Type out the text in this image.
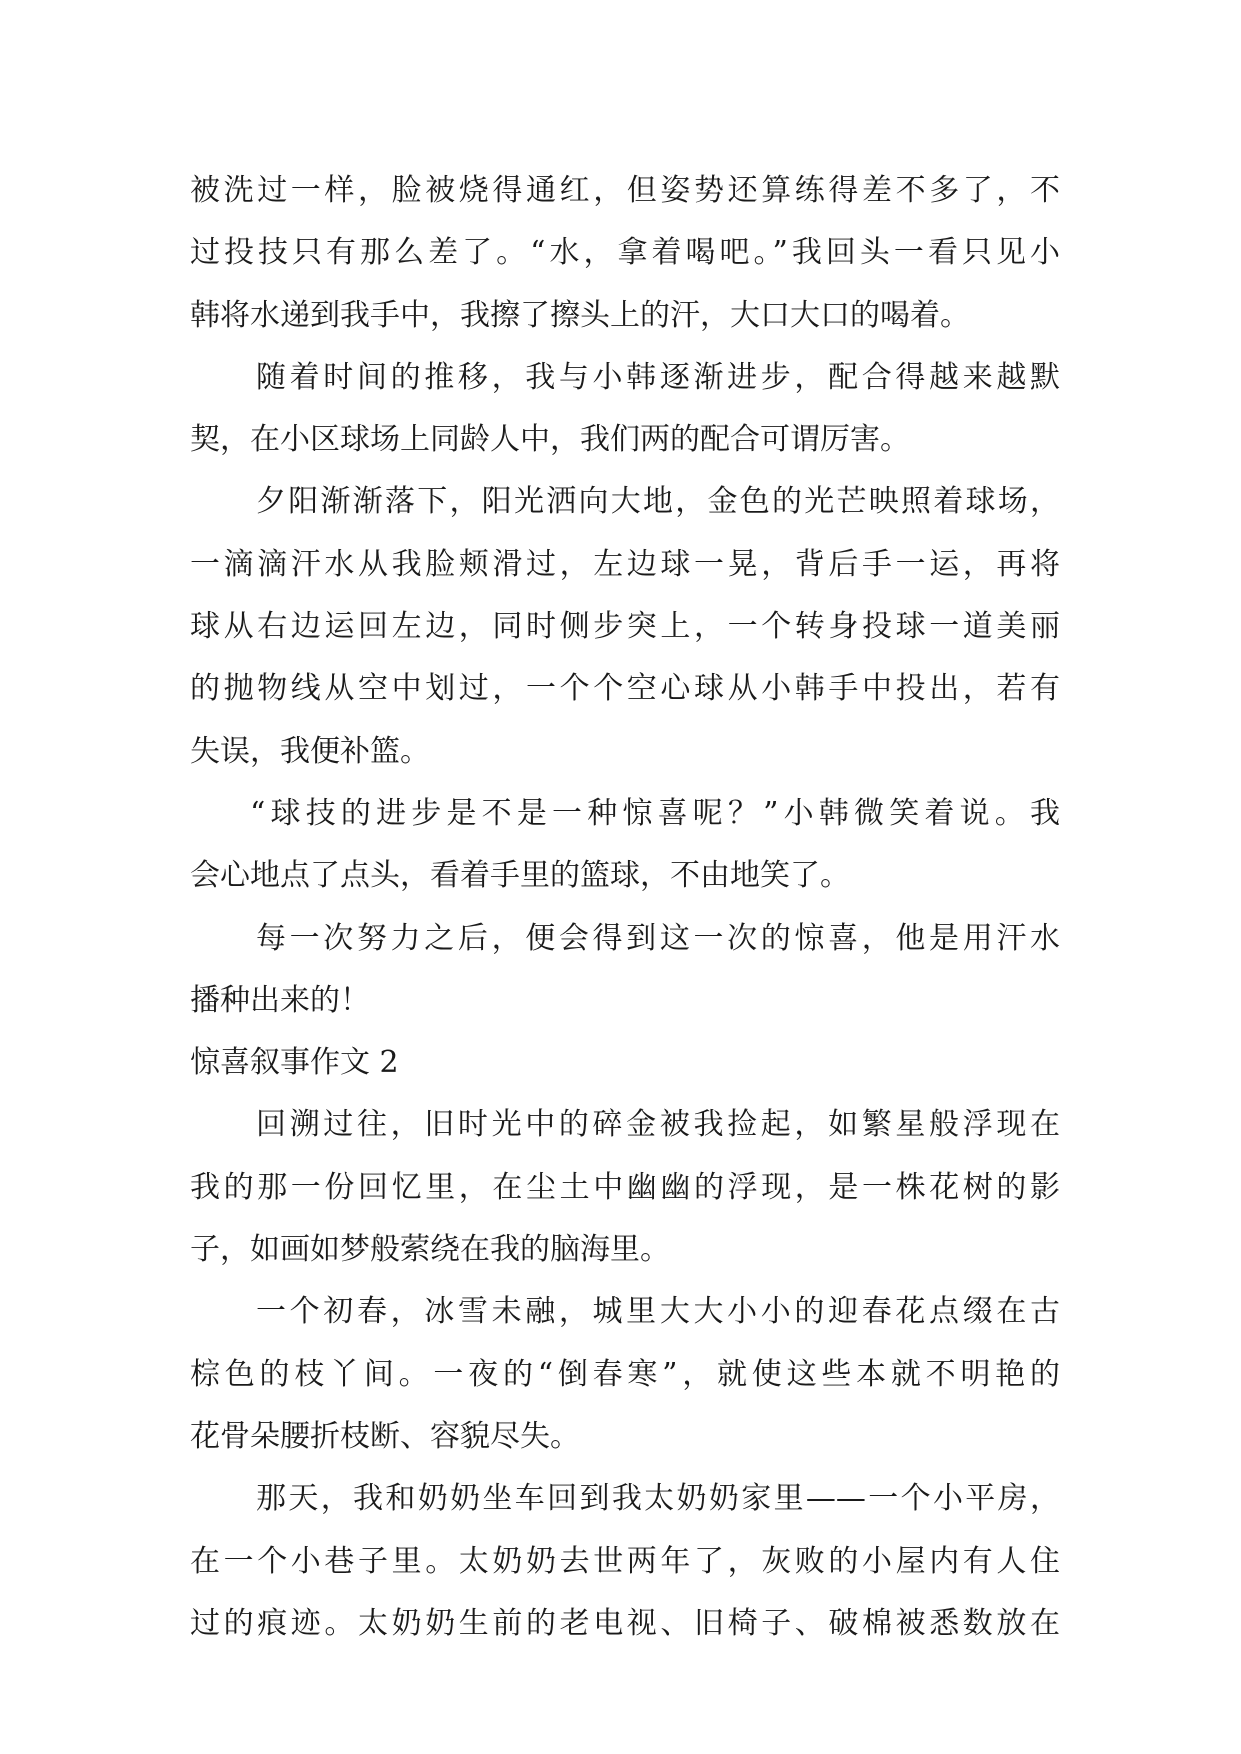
被洗过一样，脸被烧得通红，但姿势还算练得差不多了，不
过投技只有那么差了。“水，拿着喝吧。”我回头一看只见小
韩将水递到我手中，我擦了擦头上的汗，大口大口的喝着。
随着时间的推移，我与小韩逐渐进步，配合得越来越默
契，在小区球场上同龄人中，我们两的配合可谓厉害。
夕阳渐渐落下，阳光洒向大地，金色的光芒映照着球场，
一滴滴汗水从我脸颊滑过，左边球一晃，背后手一运，再将
球从右边运回左边，同时侧步突上，一个转身投球一道美丽
的抛物线从空中划过，一个个空心球从小韩手中投出，若有
失误，我便补篮。
“球技的进步是不是一种惊喜呢？”小韩微笑着说。我
会心地点了点头，看着手里的篮球，不由地笑了。
每一次努力之后，便会得到这一次的惊喜，他是用汗水
播种出来的！
惊喜叙事作文 2
回溯过往，旧时光中的碎金被我捡起，如繁星般浮现在
我的那一份回忆里，在尘土中幽幽的浮现，是一株花树的影
子，如画如梦般萦绕在我的脑海里。
一个初春，冰雪未融，城里大大小小的迎春花点缀在古
棕色的枝丫间。一夜的“倒春寒”，就使这些本就不明艳的
花骨朵腰折枝断、容貌尽失。
那天，我和奶奶坐车回到我太奶奶家里——一个小平房，
在一个小巷子里。太奶奶去世两年了，灰败的小屋内有人住
过的痕迹。太奶奶生前的老电视、旧椅子、破棉被悉数放在
